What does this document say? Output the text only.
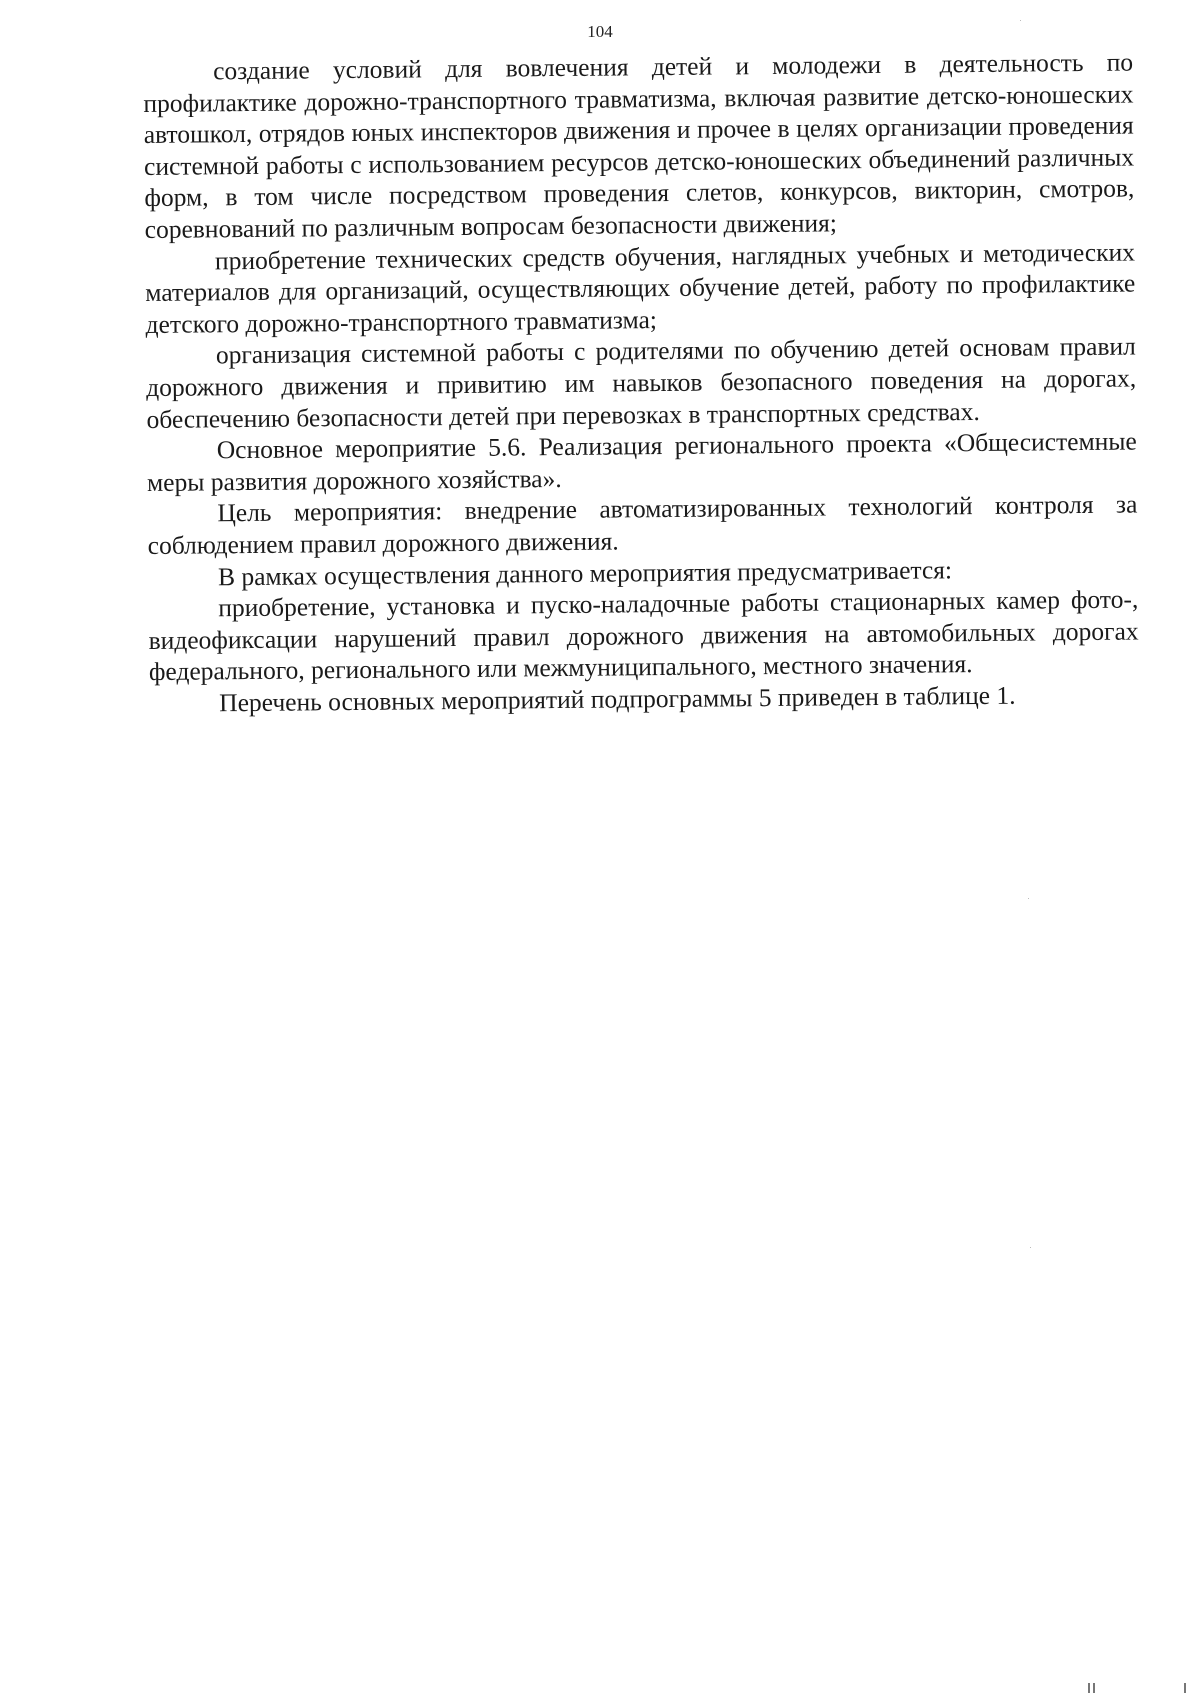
104

создание условий для вовлечения детей и молодежи в деятельность по профилактике дорожно-транспортного травматизма, включая развитие детско-юношеских автошкол, отрядов юных инспекторов движения и прочее в целях организации проведения системной работы с использованием ресурсов детско-юношеских объединений различных форм, в том числе посредством проведения слетов, конкурсов, викторин, смотров, соревнований по различным вопросам безопасности движения;

приобретение технических средств обучения, наглядных учебных и методических материалов для организаций, осуществляющих обучение детей, работу по профилактике детского дорожно-транспортного травматизма;

организация системной работы с родителями по обучению детей основам правил дорожного движения и привитию им навыков безопасного поведения на дорогах, обеспечению безопасности детей при перевозках в транспортных средствах.

Основное мероприятие 5.6. Реализация регионального проекта «Общесистемные меры развития дорожного хозяйства».

Цель мероприятия: внедрение автоматизированных технологий контроля за соблюдением правил дорожного движения.

В рамках осуществления данного мероприятия предусматривается:

приобретение, установка и пуско-наладочные работы стационарных камер фото-, видеофиксации нарушений правил дорожного движения на автомобильных дорогах федерального, регионального или межмуниципального, местного значения.

Перечень основных мероприятий подпрограммы 5 приведен в таблице 1.
